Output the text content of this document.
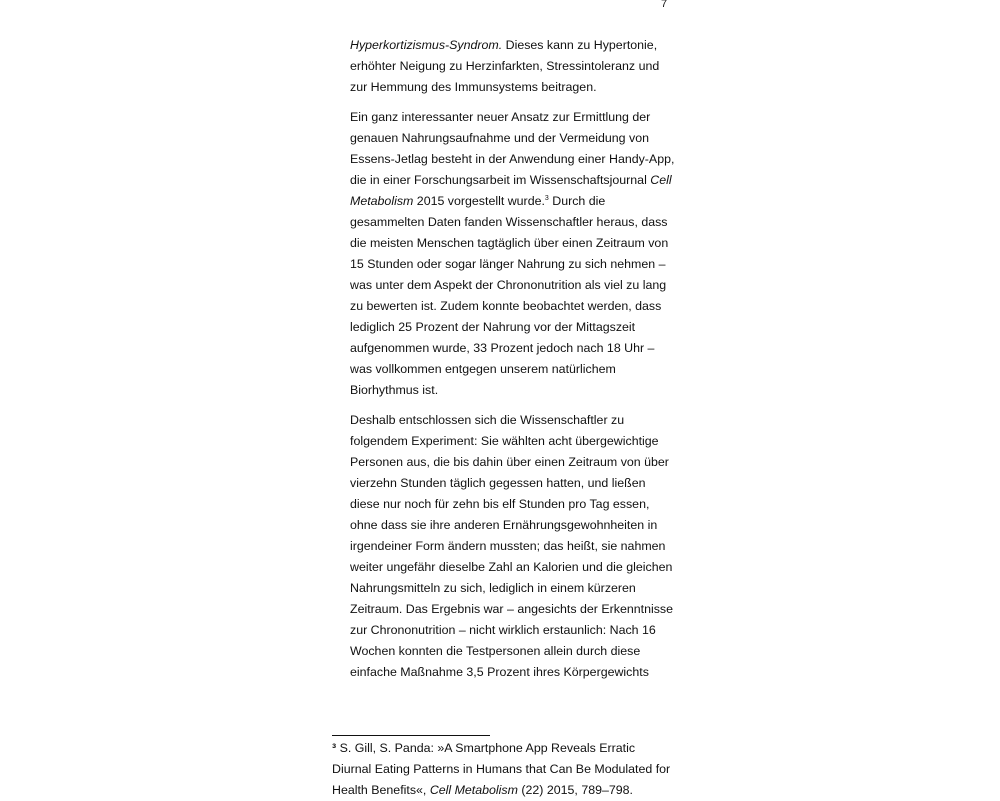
7

Hyperkortizismus-Syndrom. Dieses kann zu Hypertonie,
erhöhter Neigung zu Herzinfarkten, Stressintoleranz und
zur Hemmung des Immunsystems beitragen.

Ein ganz interessanter neuer Ansatz zur Ermittlung der
genauen Nahrungsaufnahme und der Vermeidung von
Essens-Jetlag besteht in der Anwendung einer Handy-App,
die in einer Forschungsarbeit im Wissenschaftsjournal Cell
Metabolism 2015 vorgestellt wurde.$^3$ Durch die
gesammelten Daten fanden Wissenschaftler heraus, dass
die meisten Menschen tagtäglich über einen Zeitraum von
15 Stunden oder sogar länger Nahrung zu sich nehmen –
was unter dem Aspekt der Chrononutrition als viel zu lang
zu bewerten ist. Zudem konnte beobachtet werden, dass
lediglich 25 Prozent der Nahrung vor der Mittagszeit
aufgenommen wurde, 33 Prozent jedoch nach 18 Uhr –
was vollkommen entgegen unserem natürlichem
Biorhythmus ist.

Deshalb entschlossen sich die Wissenschaftler zu
folgendem Experiment: Sie wählten acht übergewichtige
Personen aus, die bis dahin über einen Zeitraum von über
vierzehn Stunden täglich gegessen hatten, und ließen
diese nur noch für zehn bis elf Stunden pro Tag essen,
ohne dass sie ihre anderen Ernährungsgewohnheiten in
irgendeiner Form ändern mussten; das heißt, sie nahmen
weiter ungefähr dieselbe Zahl an Kalorien und die gleichen
Nahrungsmitteln zu sich, lediglich in einem kürzeren
Zeitraum. Das Ergebnis war – angesichts der Erkenntnisse
zur Chrononutrition – nicht wirklich erstaunlich: Nach 16
Wochen konnten die Testpersonen allein durch diese
einfache Maßnahme 3,5 Prozent ihres Körpergewichts

³ S. Gill, S. Panda: »A Smartphone App Reveals Erratic
Diurnal Eating Patterns in Humans that Can Be Modulated for
Health Benefits«, Cell Metabolism (22) 2015, 789–798.
